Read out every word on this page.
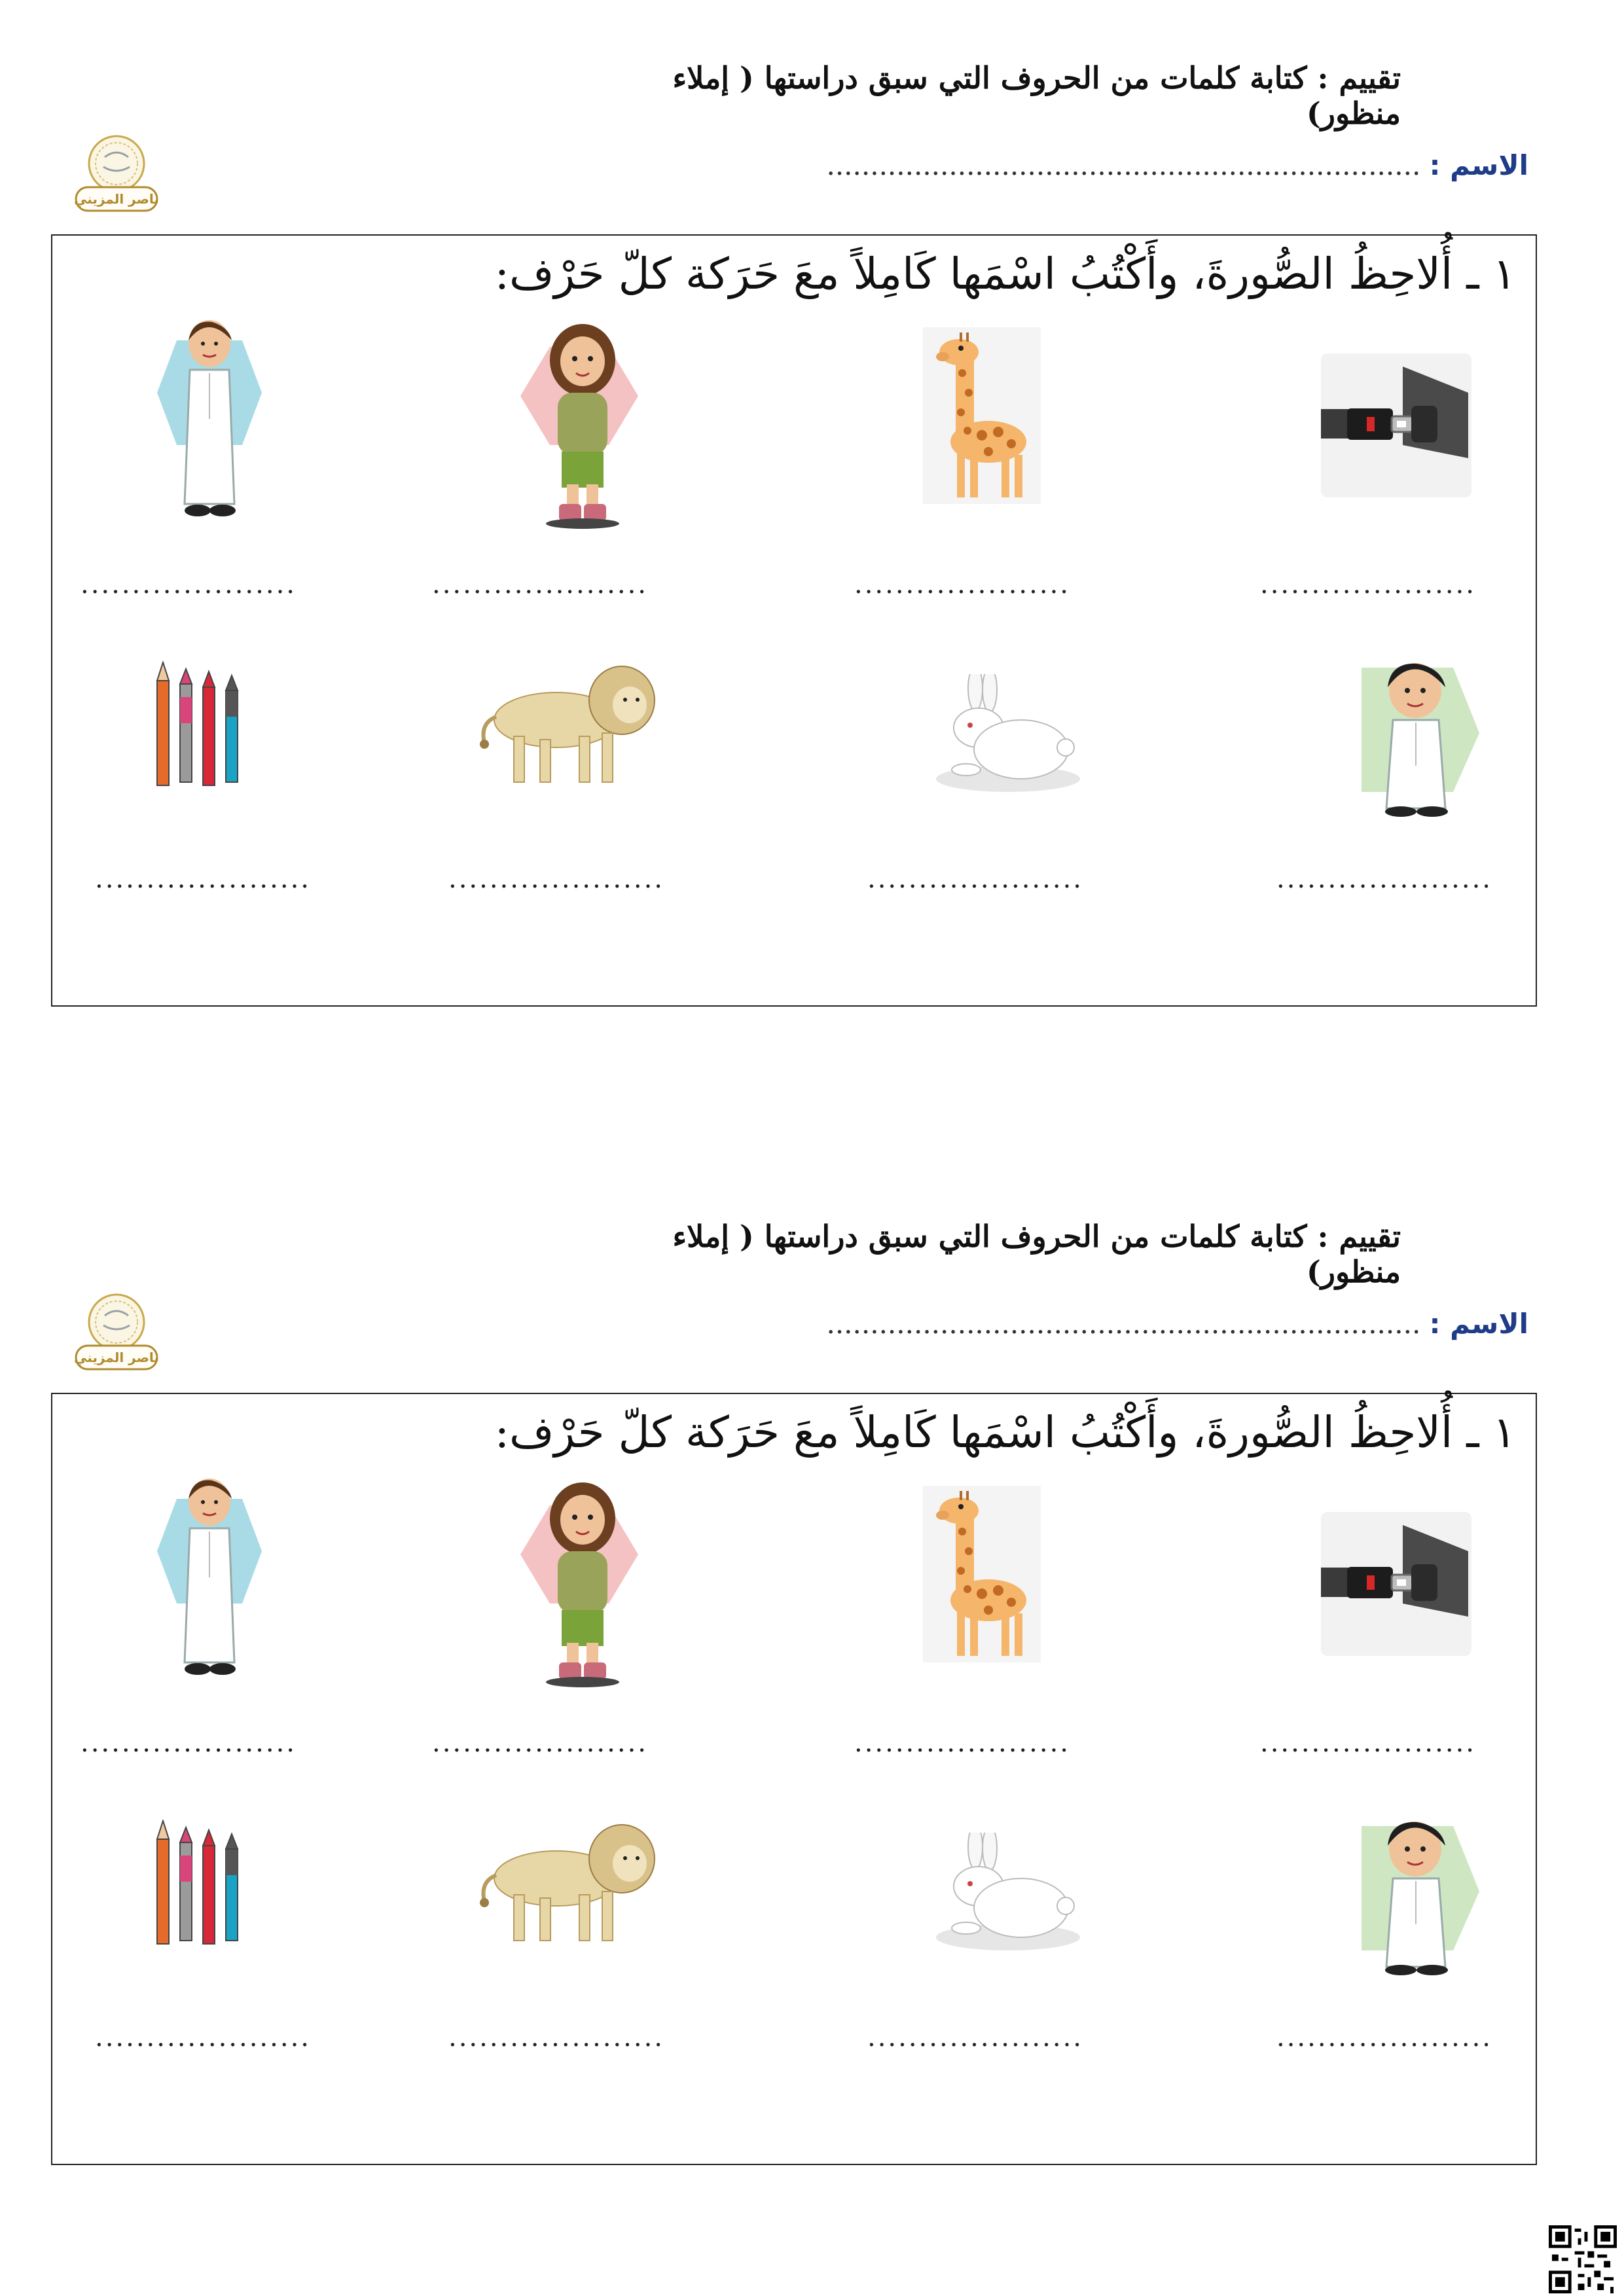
تقييم : كتابة كلمات من الحروف التي سبق دراستها ( إملاء منظور)
الاسم : ....................................................................
ناصر المزيني
١ ـ أُلاحِظُ الصُّورةَ، وأَكْتُبُ اسْمَها كَامِلاً معَ حَرَكة كلّ حَرْف:
.....................
.....................
.....................
.....................
.....................
.....................
.....................
.....................
تقييم : كتابة كلمات من الحروف التي سبق دراستها ( إملاء منظور)
الاسم : ....................................................................
ناصر المزيني
١ ـ أُلاحِظُ الصُّورةَ، وأَكْتُبُ اسْمَها كَامِلاً معَ حَرَكة كلّ حَرْف:
.....................
.....................
.....................
.....................
.....................
.....................
.....................
.....................
